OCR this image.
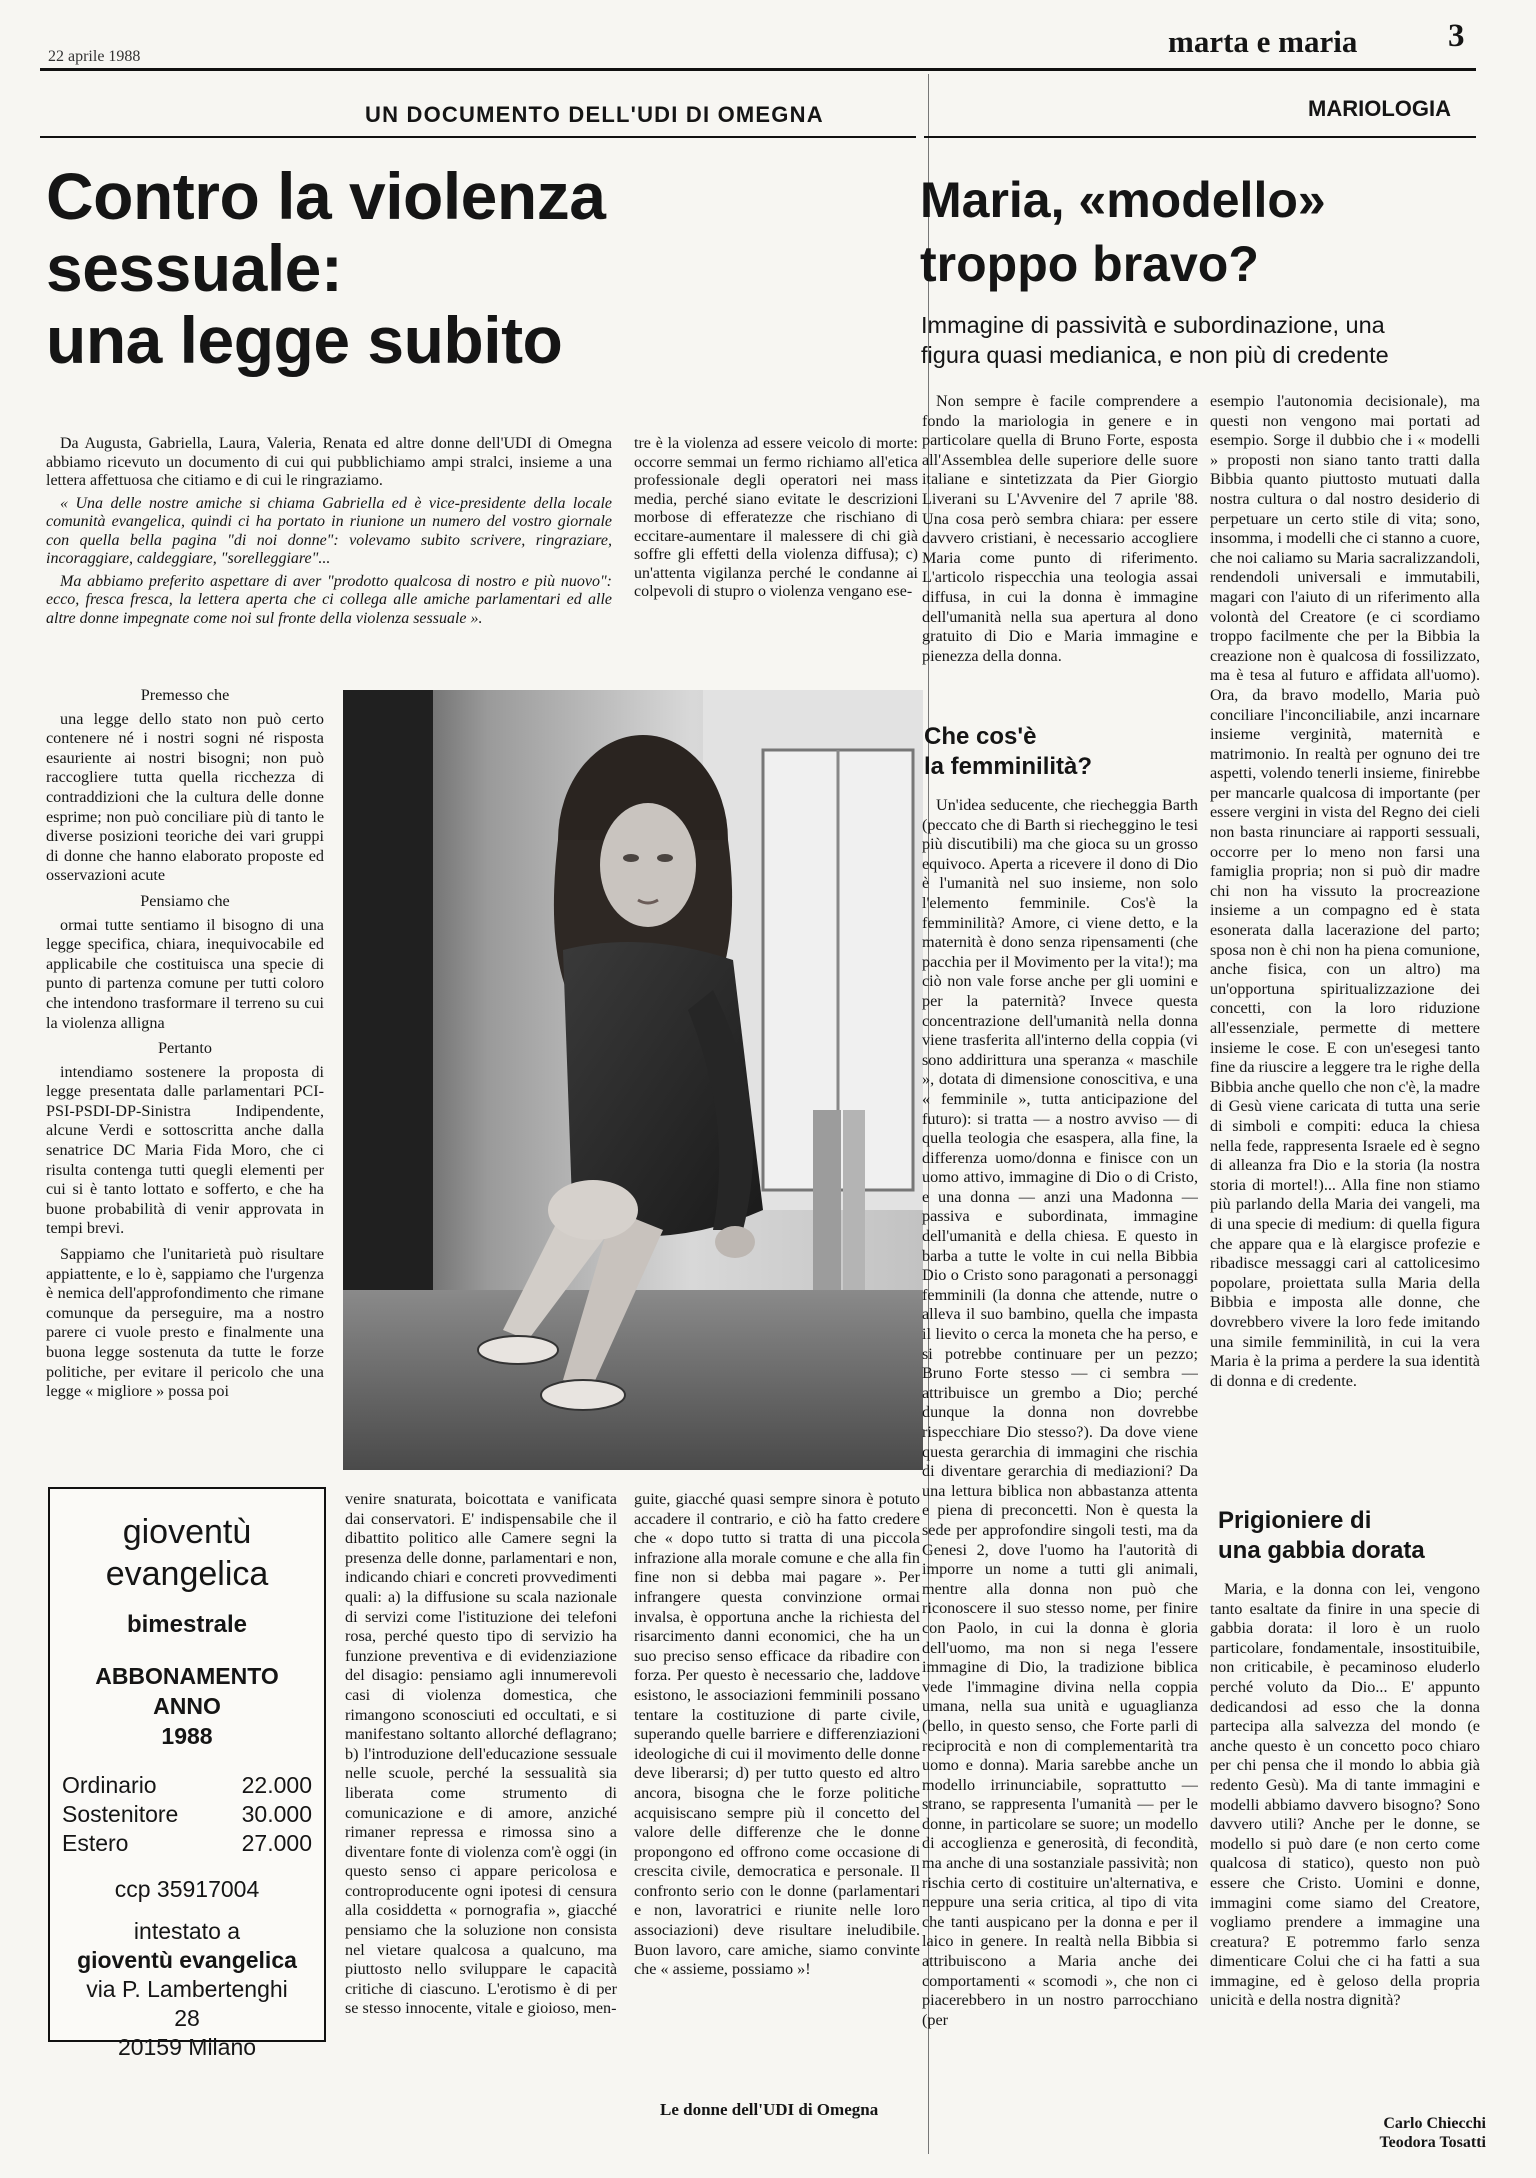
22 aprile 1988	marta e maria	3
UN DOCUMENTO DELL'UDI DI OMEGNA
Contro la violenza
sessuale:
una legge subito

Da Augusta, Gabriella, Laura, Valeria, Renata ed altre donne dell'UDI di Omegna abbiamo ricevuto un documento di cui qui pubblichiamo ampi stralci, insieme a una lettera affettuosa che citiamo e di cui le ringraziamo.

« Una delle nostre amiche si chiama Gabriella ed è vice-presidente della locale comunità evangelica, quindi ci ha portato in riunione un numero del vostro giornale con quella bella pagina "di noi donne": volevamo subito scrivere, ringraziare, incoraggiare, caldeggiare, "sorelleggiare"...

Ma abbiamo preferito aspettare di aver "prodotto qualcosa di nostro e più nuovo": ecco, fresca fresca, la lettera aperta che ci collega alle amiche parlamentari ed alle altre donne impegnate come noi sul fronte della violenza sessuale ».

tre è la violenza ad essere veicolo di morte: occorre semmai un fermo richiamo all'etica professionale degli operatori nei mass media, perché siano evitate le descrizioni morbose di efferatezze che rischiano di eccitare-aumentare il malessere di chi già soffre gli effetti della violenza diffusa); c) un'attenta vigilanza perché le condanne ai colpevoli di stupro o violenza vengano ese-

Premesso che

una legge dello stato non può certo contenere né i nostri sogni né risposta esauriente ai nostri bisogni; non può raccogliere tutta quella ricchezza di contraddizioni che la cultura delle donne esprime; non può conciliare più di tanto le diverse posizioni teoriche dei vari gruppi di donne che hanno elaborato proposte ed osservazioni acute

Pensiamo che

ormai tutte sentiamo il bisogno di una legge specifica, chiara, inequivocabile ed applicabile che costituisca una specie di punto di partenza comune per tutti coloro che intendono trasformare il terreno su cui la violenza alligna

Pertanto

intendiamo sostenere la proposta di legge presentata dalle parlamentari PCI-PSI-PSDI-DP-Sinistra Indipendente, alcune Verdi e sottoscritta anche dalla senatrice DC Maria Fida Moro, che ci risulta contenga tutti quegli elementi per cui si è tanto lottato e sofferto, e che ha buone probabilità di venir approvata in tempi brevi.

Sappiamo che l'unitarietà può risultare appiattente, e lo è, sappiamo che l'urgenza è nemica dell'approfondimento che rimane comunque da perseguire, ma a nostro parere ci vuole presto e finalmente una buona legge sostenuta da tutte le forze politiche, per evitare il pericolo che una legge « migliore » possa poi

gioventù
evangelica
bimestrale
ABBONAMENTO
ANNO
1988
Ordinario	22.000
Sostenitore	30.000
Estero	27.000
ccp 35917004
intestato a
gioventù evangelica
via P. Lambertenghi
28
20159 Milano

venire snaturata, boicottata e vanificata dai conservatori. E' indispensabile che il dibattito politico alle Camere segni la presenza delle donne, parlamentari e non, indicando chiari e concreti provvedimenti quali: a) la diffusione su scala nazionale di servizi come l'istituzione dei telefoni rosa, perché questo tipo di servizio ha funzione preventiva e di evidenziazione del disagio: pensiamo agli innumerevoli casi di violenza domestica, che rimangono sconosciuti ed occultati, e si manifestano soltanto allorché deflagrano; b) l'introduzione dell'educazione sessuale nelle scuole, perché la sessualità sia liberata come strumento di comunicazione e di amore, anziché rimaner repressa e rimossa sino a diventare fonte di violenza com'è oggi (in questo senso ci appare pericolosa e controproducente ogni ipotesi di censura alla cosiddetta « pornografia », giacché pensiamo che la soluzione non consista nel vietare qualcosa a qualcuno, ma piuttosto nello sviluppare le capacità critiche di ciascuno. L'erotismo è di per se stesso innocente, vitale e gioioso, men-

guite, giacché quasi sempre sinora è potuto accadere il contrario, e ciò ha fatto credere che « dopo tutto si tratta di una piccola infrazione alla morale comune e che alla fin fine non si debba mai pagare ». Per infrangere questa convinzione ormai invalsa, è opportuna anche la richiesta del risarcimento danni economici, che ha un suo preciso senso efficace da ribadire con forza. Per questo è necessario che, laddove esistono, le associazioni femminili possano tentare la costituzione di parte civile, superando quelle barriere e differenziazioni ideologiche di cui il movimento delle donne deve liberarsi; d) per tutto questo ed altro ancora, bisogna che le forze politiche acquisiscano sempre più il concetto del valore delle differenze che le donne propongono ed offrono come occasione di crescita civile, democratica e personale. Il confronto serio con le donne (parlamentari e non, lavoratrici e riunite nelle loro associazioni) deve risultare ineludibile. Buon lavoro, care amiche, siamo convinte che « assieme, possiamo »!

Le donne dell'UDI di Omegna
MARIOLOGIA
Maria, «modello»
troppo bravo?
Immagine di passività e subordinazione, una
figura quasi medianica, e non più di credente

Non sempre è facile comprendere a fondo la mariologia in genere e in particolare quella di Bruno Forte, esposta all'Assemblea delle superiore delle suore italiane e sintetizzata da Pier Giorgio Liverani su L'Avvenire del 7 aprile '88. Una cosa però sembra chiara: per essere davvero cristiani, è necessario accogliere Maria come punto di riferimento. L'articolo rispecchia una teologia assai diffusa, in cui la donna è immagine dell'umanità nella sua apertura al dono gratuito di Dio e Maria immagine e pienezza della donna.

Che cos'è
la femminilità?

Un'idea seducente, che riecheggia Barth (peccato che di Barth si riecheggino le tesi più discutibili) ma che gioca su un grosso equivoco. Aperta a ricevere il dono di Dio è l'umanità nel suo insieme, non solo l'elemento femminile. Cos'è la femminilità? Amore, ci viene detto, e la maternità è dono senza ripensamenti (che pacchia per il Movimento per la vita!); ma ciò non vale forse anche per gli uomini e per la paternità? Invece questa concentrazione dell'umanità nella donna viene trasferita all'interno della coppia (vi sono addirittura una speranza « maschile », dotata di dimensione conoscitiva, e una « femminile », tutta anticipazione del futuro): si tratta — a nostro avviso — di quella teologia che esaspera, alla fine, la differenza uomo/donna e finisce con un uomo attivo, immagine di Dio o di Cristo, e una donna — anzi una Madonna — passiva e subordinata, immagine dell'umanità e della chiesa. E questo in barba a tutte le volte in cui nella Bibbia Dio o Cristo sono paragonati a personaggi femminili (la donna che attende, nutre o alleva il suo bambino, quella che impasta il lievito o cerca la moneta che ha perso, e si potrebbe continuare per un pezzo; Bruno Forte stesso — ci sembra — attribuisce un grembo a Dio; perché dunque la donna non dovrebbe rispecchiare Dio stesso?). Da dove viene questa gerarchia di immagini che rischia di diventare gerarchia di mediazioni? Da una lettura biblica non abbastanza attenta e piena di preconcetti. Non è questa la sede per approfondire singoli testi, ma da Genesi 2, dove l'uomo ha l'autorità di imporre un nome a tutti gli animali, mentre alla donna non può che riconoscere il suo stesso nome, per finire con Paolo, in cui la donna è gloria dell'uomo, ma non si nega l'essere immagine di Dio, la tradizione biblica vede l'immagine divina nella coppia umana, nella sua unità e uguaglianza (bello, in questo senso, che Forte parli di reciprocità e non di complementarità tra uomo e donna). Maria sarebbe anche un modello irrinunciabile, soprattutto — strano, se rappresenta l'umanità — per le donne, in particolare se suore; un modello di accoglienza e generosità, di fecondità, ma anche di una sostanziale passività; non rischia certo di costituire un'alternativa, e neppure una seria critica, al tipo di vita che tanti auspicano per la donna e per il laico in genere. In realtà nella Bibbia si attribuiscono a Maria anche dei comportamenti « scomodi », che non ci piacerebbero in un nostro parrocchiano (per

esempio l'autonomia decisionale), ma questi non vengono mai portati ad esempio. Sorge il dubbio che i « modelli » proposti non siano tanto tratti dalla Bibbia quanto piuttosto mutuati dalla nostra cultura o dal nostro desiderio di perpetuare un certo stile di vita; sono, insomma, i modelli che ci stanno a cuore, che noi caliamo su Maria sacralizzandoli, rendendoli universali e immutabili, magari con l'aiuto di un riferimento alla volontà del Creatore (e ci scordiamo troppo facilmente che per la Bibbia la creazione non è qualcosa di fossilizzato, ma è tesa al futuro e affidata all'uomo). Ora, da bravo modello, Maria può conciliare l'inconciliabile, anzi incarnare insieme verginità, maternità e matrimonio. In realtà per ognuno dei tre aspetti, volendo tenerli insieme, finirebbe per mancarle qualcosa di importante (per essere vergini in vista del Regno dei cieli non basta rinunciare ai rapporti sessuali, occorre per lo meno non farsi una famiglia propria; non si può dir madre chi non ha vissuto la procreazione insieme a un compagno ed è stata esonerata dalla lacerazione del parto; sposa non è chi non ha piena comunione, anche fisica, con un altro) ma un'opportuna spiritualizzazione dei concetti, con la loro riduzione all'essenziale, permette di mettere insieme le cose. E con un'esegesi tanto fine da riuscire a leggere tra le righe della Bibbia anche quello che non c'è, la madre di Gesù viene caricata di tutta una serie di simboli e compiti: educa la chiesa nella fede, rappresenta Israele ed è segno di alleanza fra Dio e la storia (la nostra storia di mortel!)... Alla fine non stiamo più parlando della Maria dei vangeli, ma di una specie di medium: di quella figura che appare qua e là elargisce profezie e ribadisce messaggi cari al cattolicesimo popolare, proiettata sulla Maria della Bibbia e imposta alle donne, che dovrebbero vivere la loro fede imitando una simile femminilità, in cui la vera Maria è la prima a perdere la sua identità di donna e di credente.

Prigioniere di
una gabbia dorata

Maria, e la donna con lei, vengono tanto esaltate da finire in una specie di gabbia dorata: il loro è un ruolo particolare, fondamentale, insostituibile, non criticabile, è pecaminoso eluderlo perché voluto da Dio... E' appunto dedicandosi ad esso che la donna partecipa alla salvezza del mondo (e anche questo è un concetto poco chiaro per chi pensa che il mondo lo abbia già redento Gesù). Ma di tante immagini e modelli abbiamo davvero bisogno? Sono davvero utili? Anche per le donne, se modello si può dare (e non certo come qualcosa di statico), questo non può essere che Cristo. Uomini e donne, immagini come siamo del Creatore, vogliamo prendere a immagine una creatura? E potremmo farlo senza dimenticare Colui che ci ha fatti a sua immagine, ed è geloso della propria unicità e della nostra dignità?

Carlo Chiecchi
Teodora Tosatti
